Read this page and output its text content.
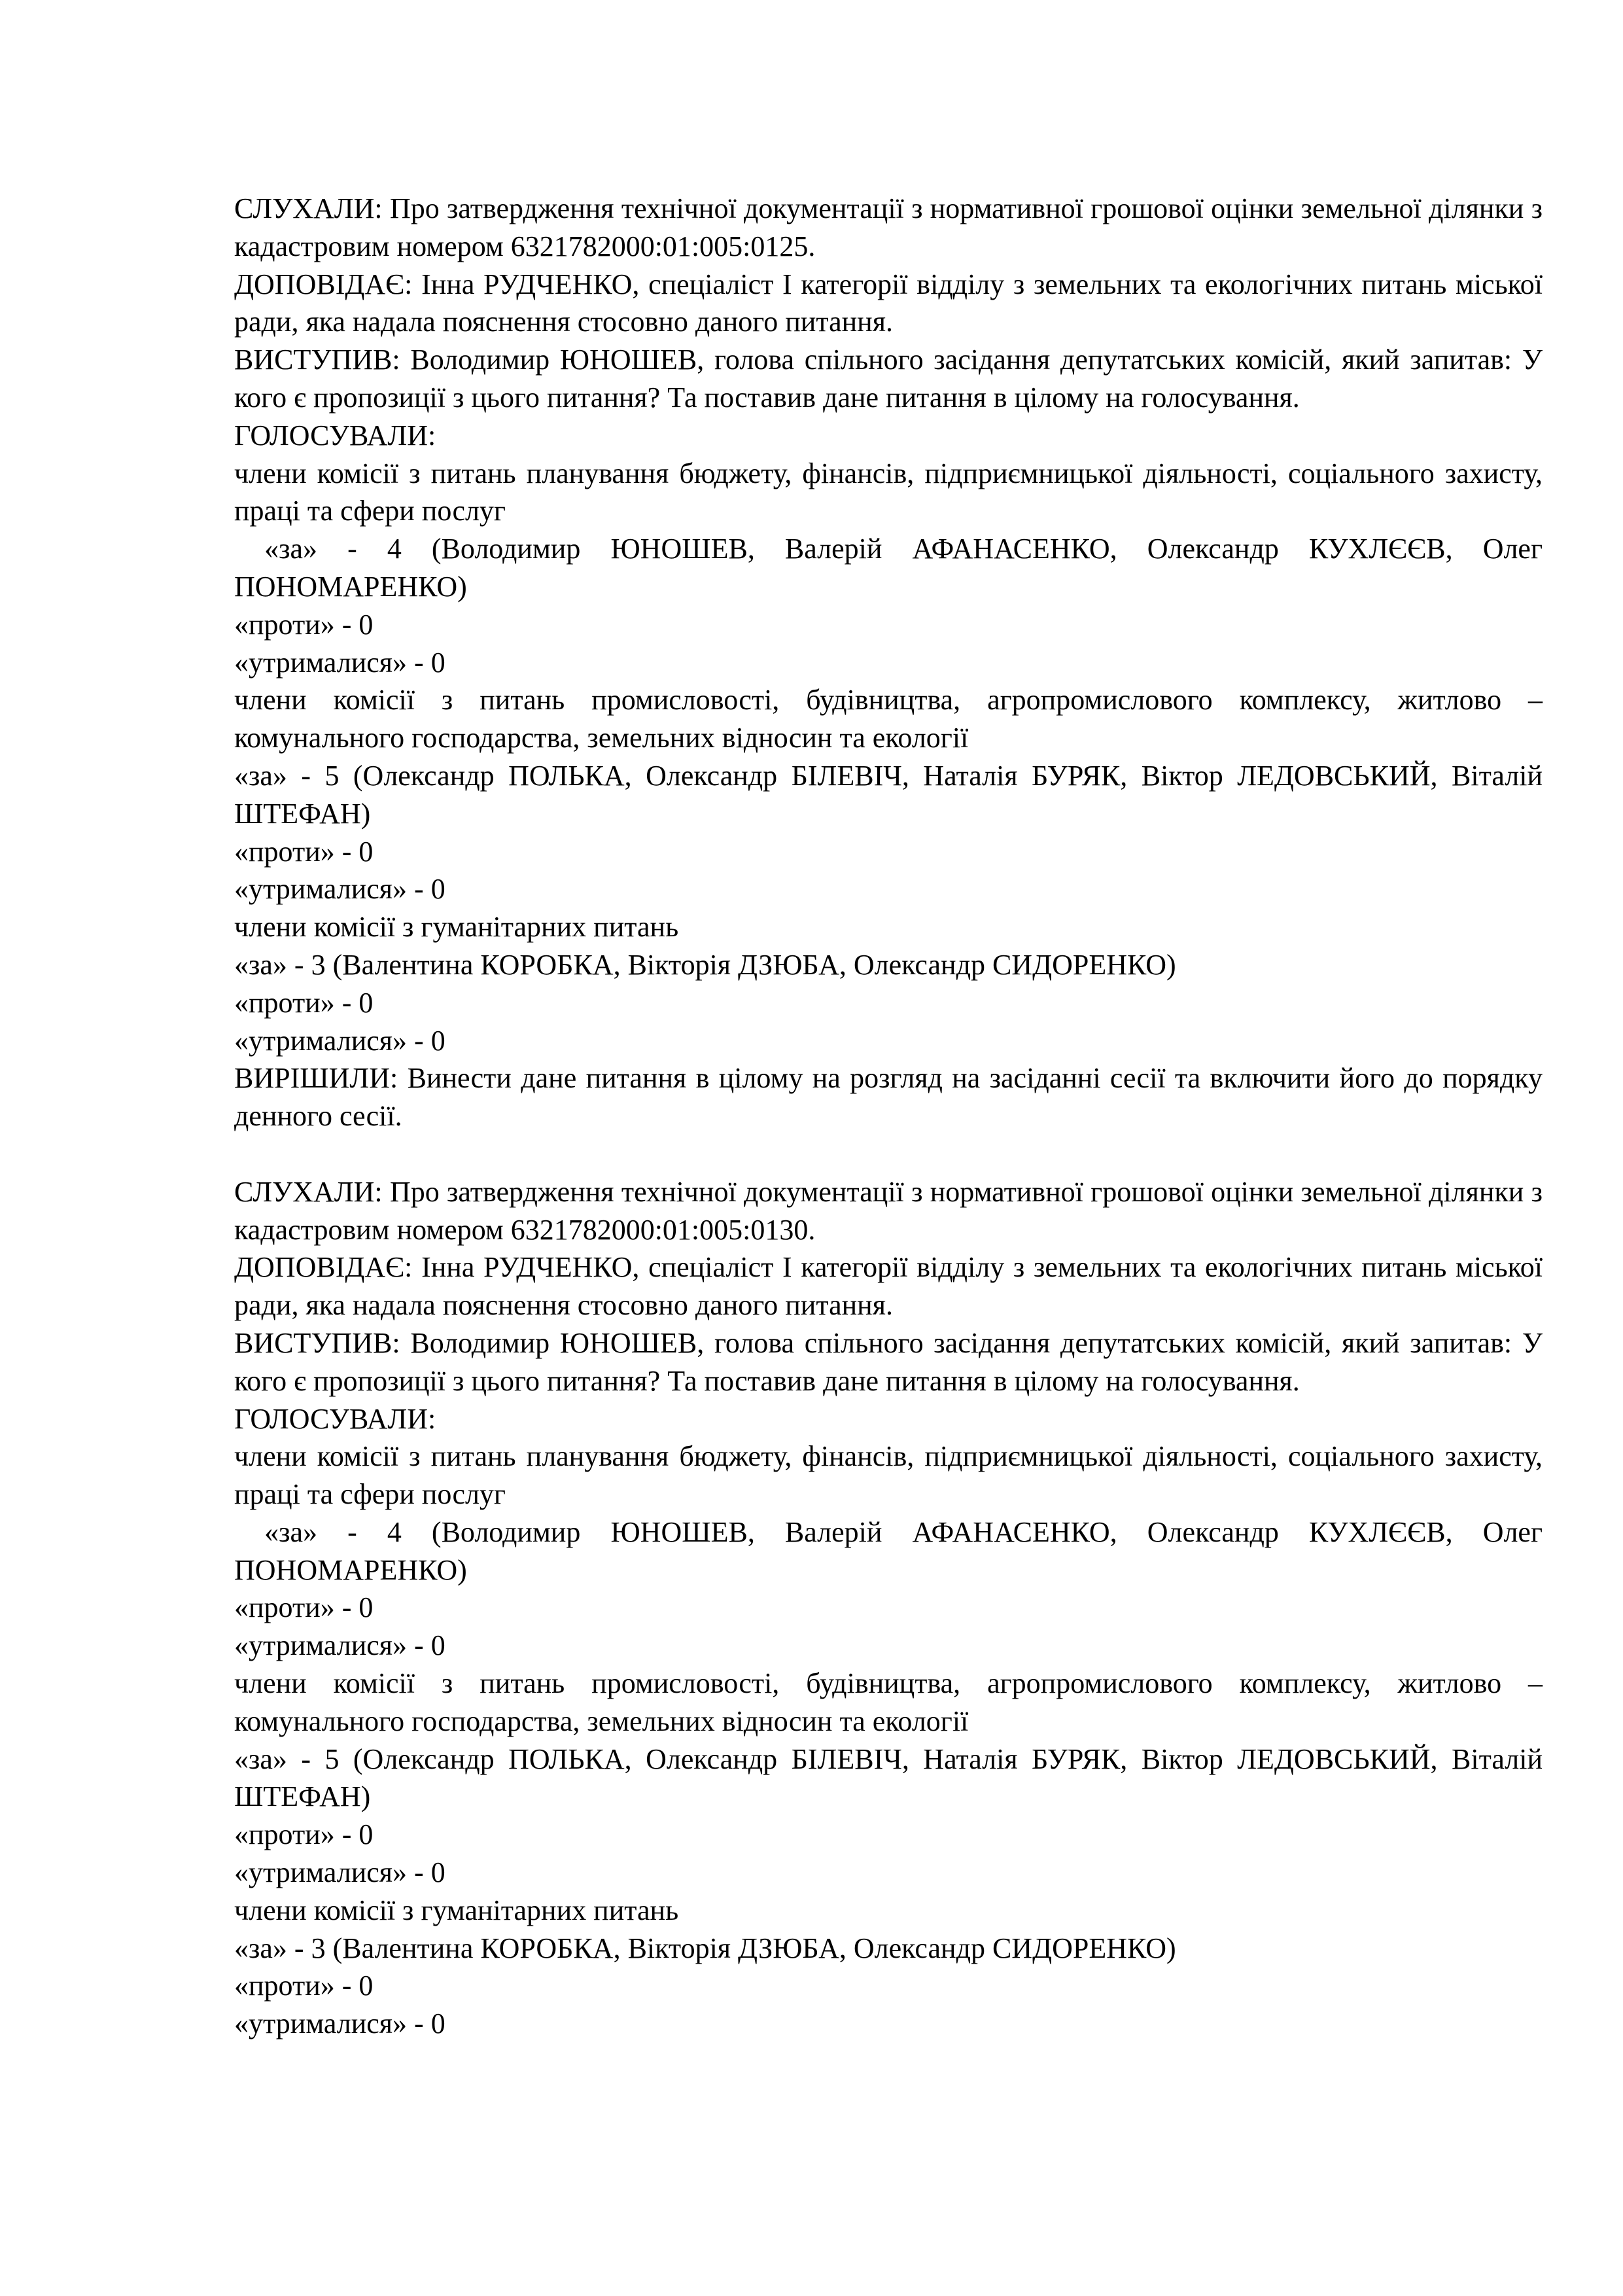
СЛУХАЛИ: Про затвердження технічної документації з нормативної грошової оцінки земельної ділянки з кадастровим номером 6321782000:01:005:0125.

ДОПОВІДАЄ: Інна РУДЧЕНКО, спеціаліст І категорії відділу з земельних та екологічних питань міської ради, яка надала пояснення стосовно даного питання.

ВИСТУПИВ: Володимир ЮНОШЕВ, голова спільного засідання депутатських комісій, який запитав: У кого є пропозиції з цього питання? Та поставив дане питання в цілому на голосування.

ГОЛОСУВАЛИ:

члени комісії з питань планування бюджету, фінансів, підприємницької діяльності, соціального захисту, праці та сфери послуг

«за» - 4 (Володимир ЮНОШЕВ, Валерій АФАНАСЕНКО, Олександр КУХЛЄЄВ, Олег ПОНОМАРЕНКО)

«проти» - 0

«утрималися» - 0

члени комісії з питань промисловості, будівництва, агропромислового комплексу, житлово – комунального господарства, земельних відносин та екології

«за» - 5 (Олександр ПОЛЬКА, Олександр БІЛЕВІЧ, Наталія БУРЯК, Віктор ЛЕДОВСЬКИЙ, Віталій ШТЕФАН)

«проти» - 0

«утрималися» - 0

члени комісії з гуманітарних питань

«за» - 3 (Валентина КОРОБКА, Вікторія ДЗЮБА, Олександр СИДОРЕНКО)

«проти» - 0

«утрималися» - 0

ВИРІШИЛИ: Винести дане питання в цілому на розгляд на засіданні сесії та включити його до порядку денного сесії.

СЛУХАЛИ: Про затвердження технічної документації з нормативної грошової оцінки земельної ділянки з кадастровим номером 6321782000:01:005:0130.

ДОПОВІДАЄ: Інна РУДЧЕНКО, спеціаліст І категорії відділу з земельних та екологічних питань міської ради, яка надала пояснення стосовно даного питання.

ВИСТУПИВ: Володимир ЮНОШЕВ, голова спільного засідання депутатських комісій, який запитав: У кого є пропозиції з цього питання? Та поставив дане питання в цілому на голосування.

ГОЛОСУВАЛИ:

члени комісії з питань планування бюджету, фінансів, підприємницької діяльності, соціального захисту, праці та сфери послуг

«за» - 4 (Володимир ЮНОШЕВ, Валерій АФАНАСЕНКО, Олександр КУХЛЄЄВ, Олег ПОНОМАРЕНКО)

«проти» - 0

«утрималися» - 0

члени комісії з питань промисловості, будівництва, агропромислового комплексу, житлово – комунального господарства, земельних відносин та екології

«за» - 5 (Олександр ПОЛЬКА, Олександр БІЛЕВІЧ, Наталія БУРЯК, Віктор ЛЕДОВСЬКИЙ, Віталій ШТЕФАН)

«проти» - 0

«утрималися» - 0

члени комісії з гуманітарних питань

«за» - 3 (Валентина КОРОБКА, Вікторія ДЗЮБА, Олександр СИДОРЕНКО)

«проти» - 0

«утрималися» - 0
